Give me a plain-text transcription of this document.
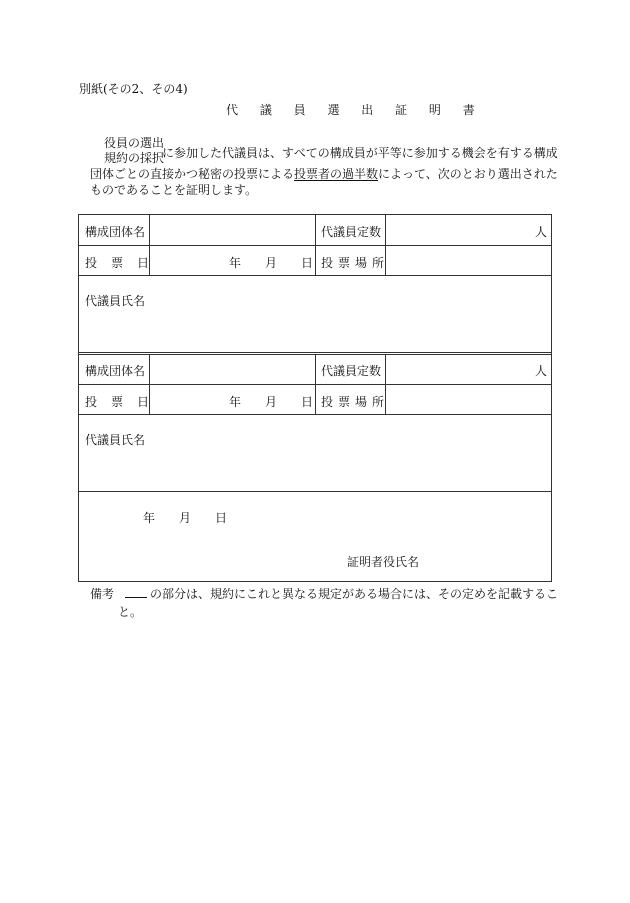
別紙(その2、その4)
代 議 員 選 出 証 明 書
役員の選出
規約の採択
に参加した代議員は、すべての構成員が平等に参加する機会を有する構成
団体ごとの直接かつ秘密の投票による投票者の過半数によって、次のとおり選出された
ものであることを証明します。
構成団体名	代議員定数	人
投票日	年 月 日 投票場所
代議員氏名
構成団体名	代議員定数	人
投票日	年 月 日 投票場所
代議員氏名
年 月 日
証明者役氏名
備考	の部分は、規約にこれと異なる規定がある場合には、その定めを記載するこ
と。
